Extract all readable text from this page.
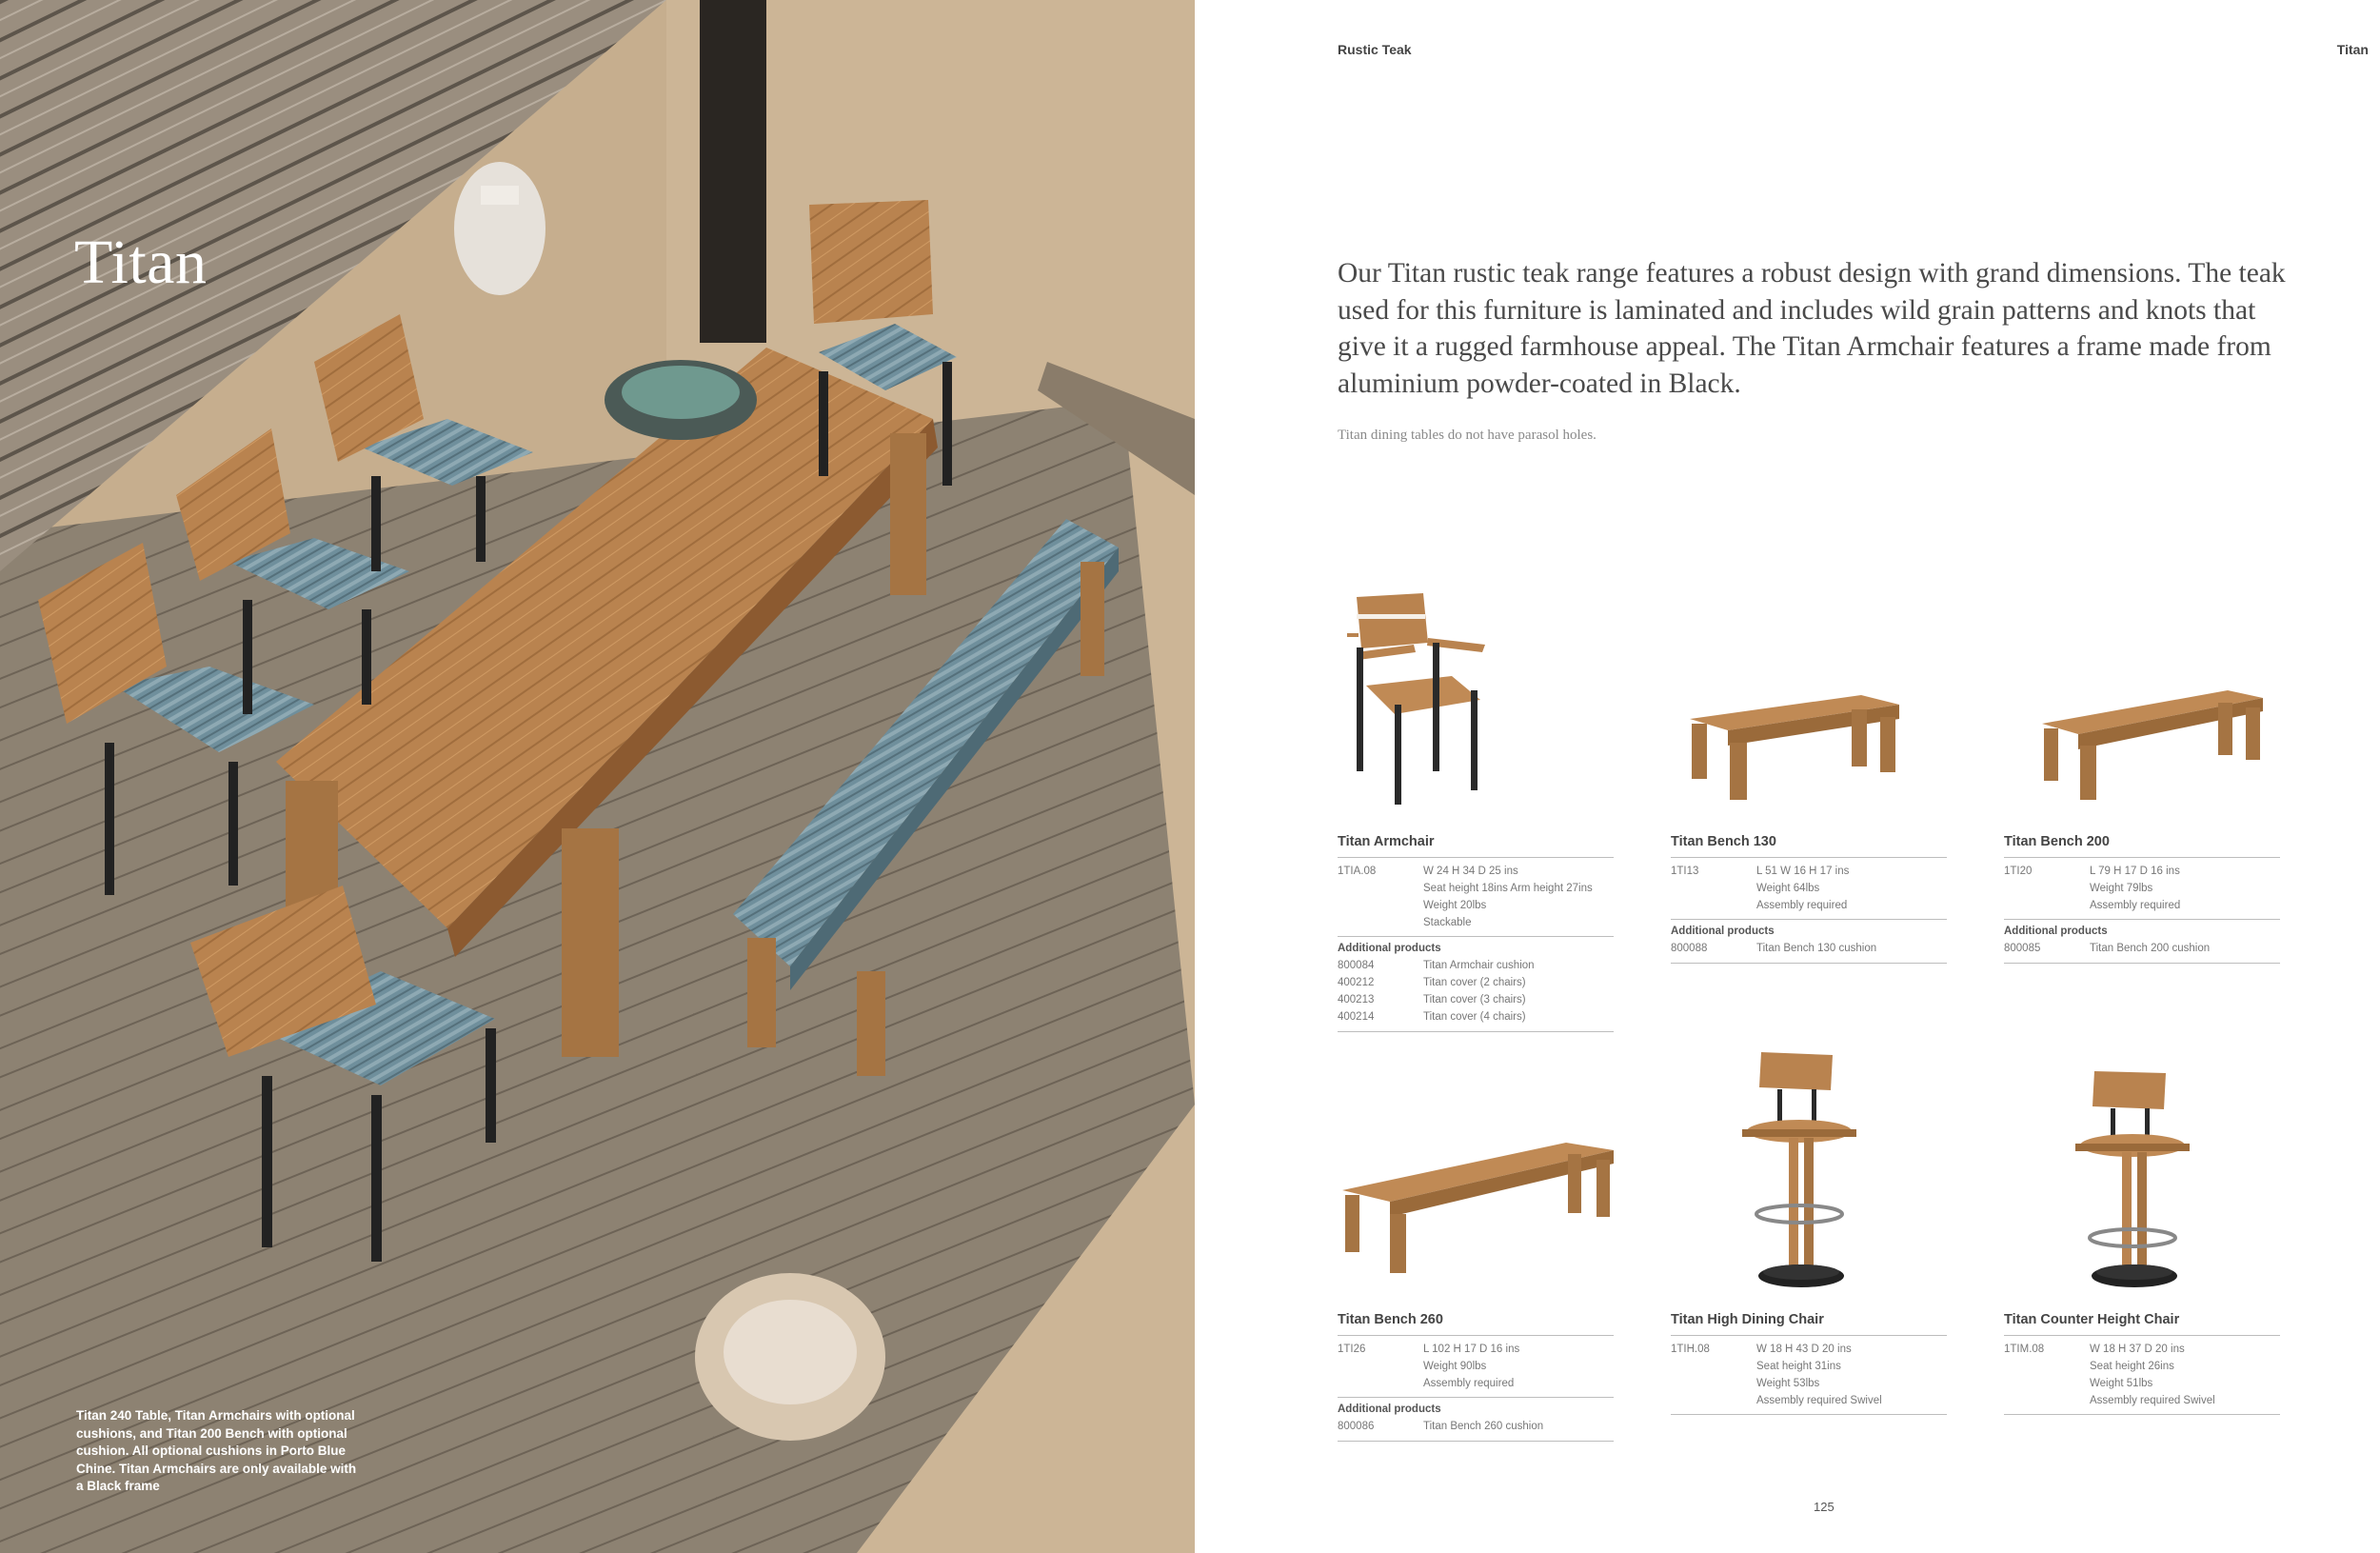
Titan
Titan 240 Table, Titan Armchairs with optional cushions, and Titan 200 Bench with optional cushion. All optional cushions in Porto Blue Chine. Titan Armchairs are only available with a Black frame
Rustic Teak	Titan
Our Titan rustic teak range features a robust design with grand dimensions. The teak used for this furniture is laminated and includes wild grain patterns and knots that give it a rugged farmhouse appeal. The Titan Armchair features a frame made from aluminium powder-coated in Black.
Titan dining tables do not have parasol holes.
Titan Armchair
1TIA.08	W 24 H 34 D 25 ins
Seat height 18ins Arm height 27ins
Weight 20lbs
Stackable
Additional products
800084	Titan Armchair cushion
400212	Titan cover (2 chairs)
400213	Titan cover (3 chairs)
400214	Titan cover (4 chairs)
Titan Bench 130
1TI13	L 51 W 16 H 17 ins
Weight 64lbs
Assembly required
Additional products
800088	Titan Bench 130 cushion
Titan Bench 200
1TI20	L 79 H 17 D 16 ins
Weight 79lbs
Assembly required
Additional products
800085	Titan Bench 200 cushion
Titan Bench 260
1TI26	L 102 H 17 D 16 ins
Weight 90lbs
Assembly required
Additional products
800086	Titan Bench 260 cushion
Titan High Dining Chair
1TIH.08	W 18 H 43 D 20 ins
Seat height 31ins
Weight 53lbs
Assembly required Swivel
Titan Counter Height Chair
1TIM.08	W 18 H 37 D 20 ins
Seat height 26ins
Weight 51lbs
Assembly required Swivel
125
